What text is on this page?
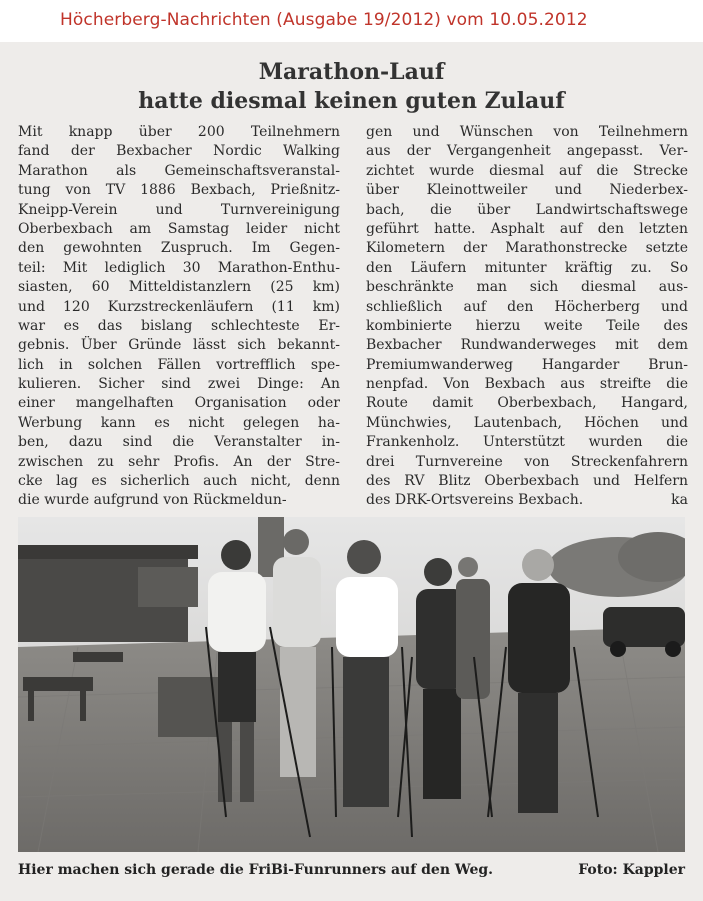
Höcherberg-Nachrichten (Ausgabe 19/2012) vom 10.05.2012
Marathon-Lauf
hatte diesmal keinen guten Zulauf
Mit knapp über 200 Teilnehmern
fand der Bexbacher Nordic Walking
Marathon als Gemeinschaftsveranstal-
tung von TV 1886 Bexbach, Prießnitz-
Kneipp-Verein und Turnvereinigung
Oberbexbach am Samstag leider nicht
den gewohnten Zuspruch. Im Gegen-
teil: Mit lediglich 30 Marathon-Enthu-
siasten, 60 Mitteldistanzlern (25 km)
und 120 Kurzstreckenläufern (11 km)
war es das bislang schlechteste Er-
gebnis. Über Gründe lässt sich bekannt-
lich in solchen Fällen vortrefflich spe-
kulieren. Sicher sind zwei Dinge: An
einer mangelhaften Organisation oder
Werbung kann es nicht gelegen ha-
ben, dazu sind die Veranstalter in-
zwischen zu sehr Profis. An der Stre-
cke lag es sicherlich auch nicht, denn
die wurde aufgrund von Rückmeldun-
gen und Wünschen von Teilnehmern
aus der Vergangenheit angepasst. Ver-
zichtet wurde diesmal auf die Strecke
über Kleinottweiler und Niederbex-
bach, die über Landwirtschaftswege
geführt hatte. Asphalt auf den letzten
Kilometern der Marathonstrecke setzte
den Läufern mitunter kräftig zu. So
beschränkte man sich diesmal aus-
schließlich auf den Höcherberg und
kombinierte hierzu weite Teile des
Bexbacher Rundwanderweges mit dem
Premiumwanderweg Hangarder Brun-
nenpfad. Von Bexbach aus streifte die
Route damit Oberbexbach, Hangard,
Münchwies, Lautenbach, Höchen und
Frankenholz. Unterstützt wurden die
drei Turnvereine von Streckenfahrern
des RV Blitz Oberbexbach und Helfern
des DRK-Ortsvereins Bexbach.	ka
Hier machen sich gerade die FriBi-Funrunners auf den Weg.	Foto: Kappler
